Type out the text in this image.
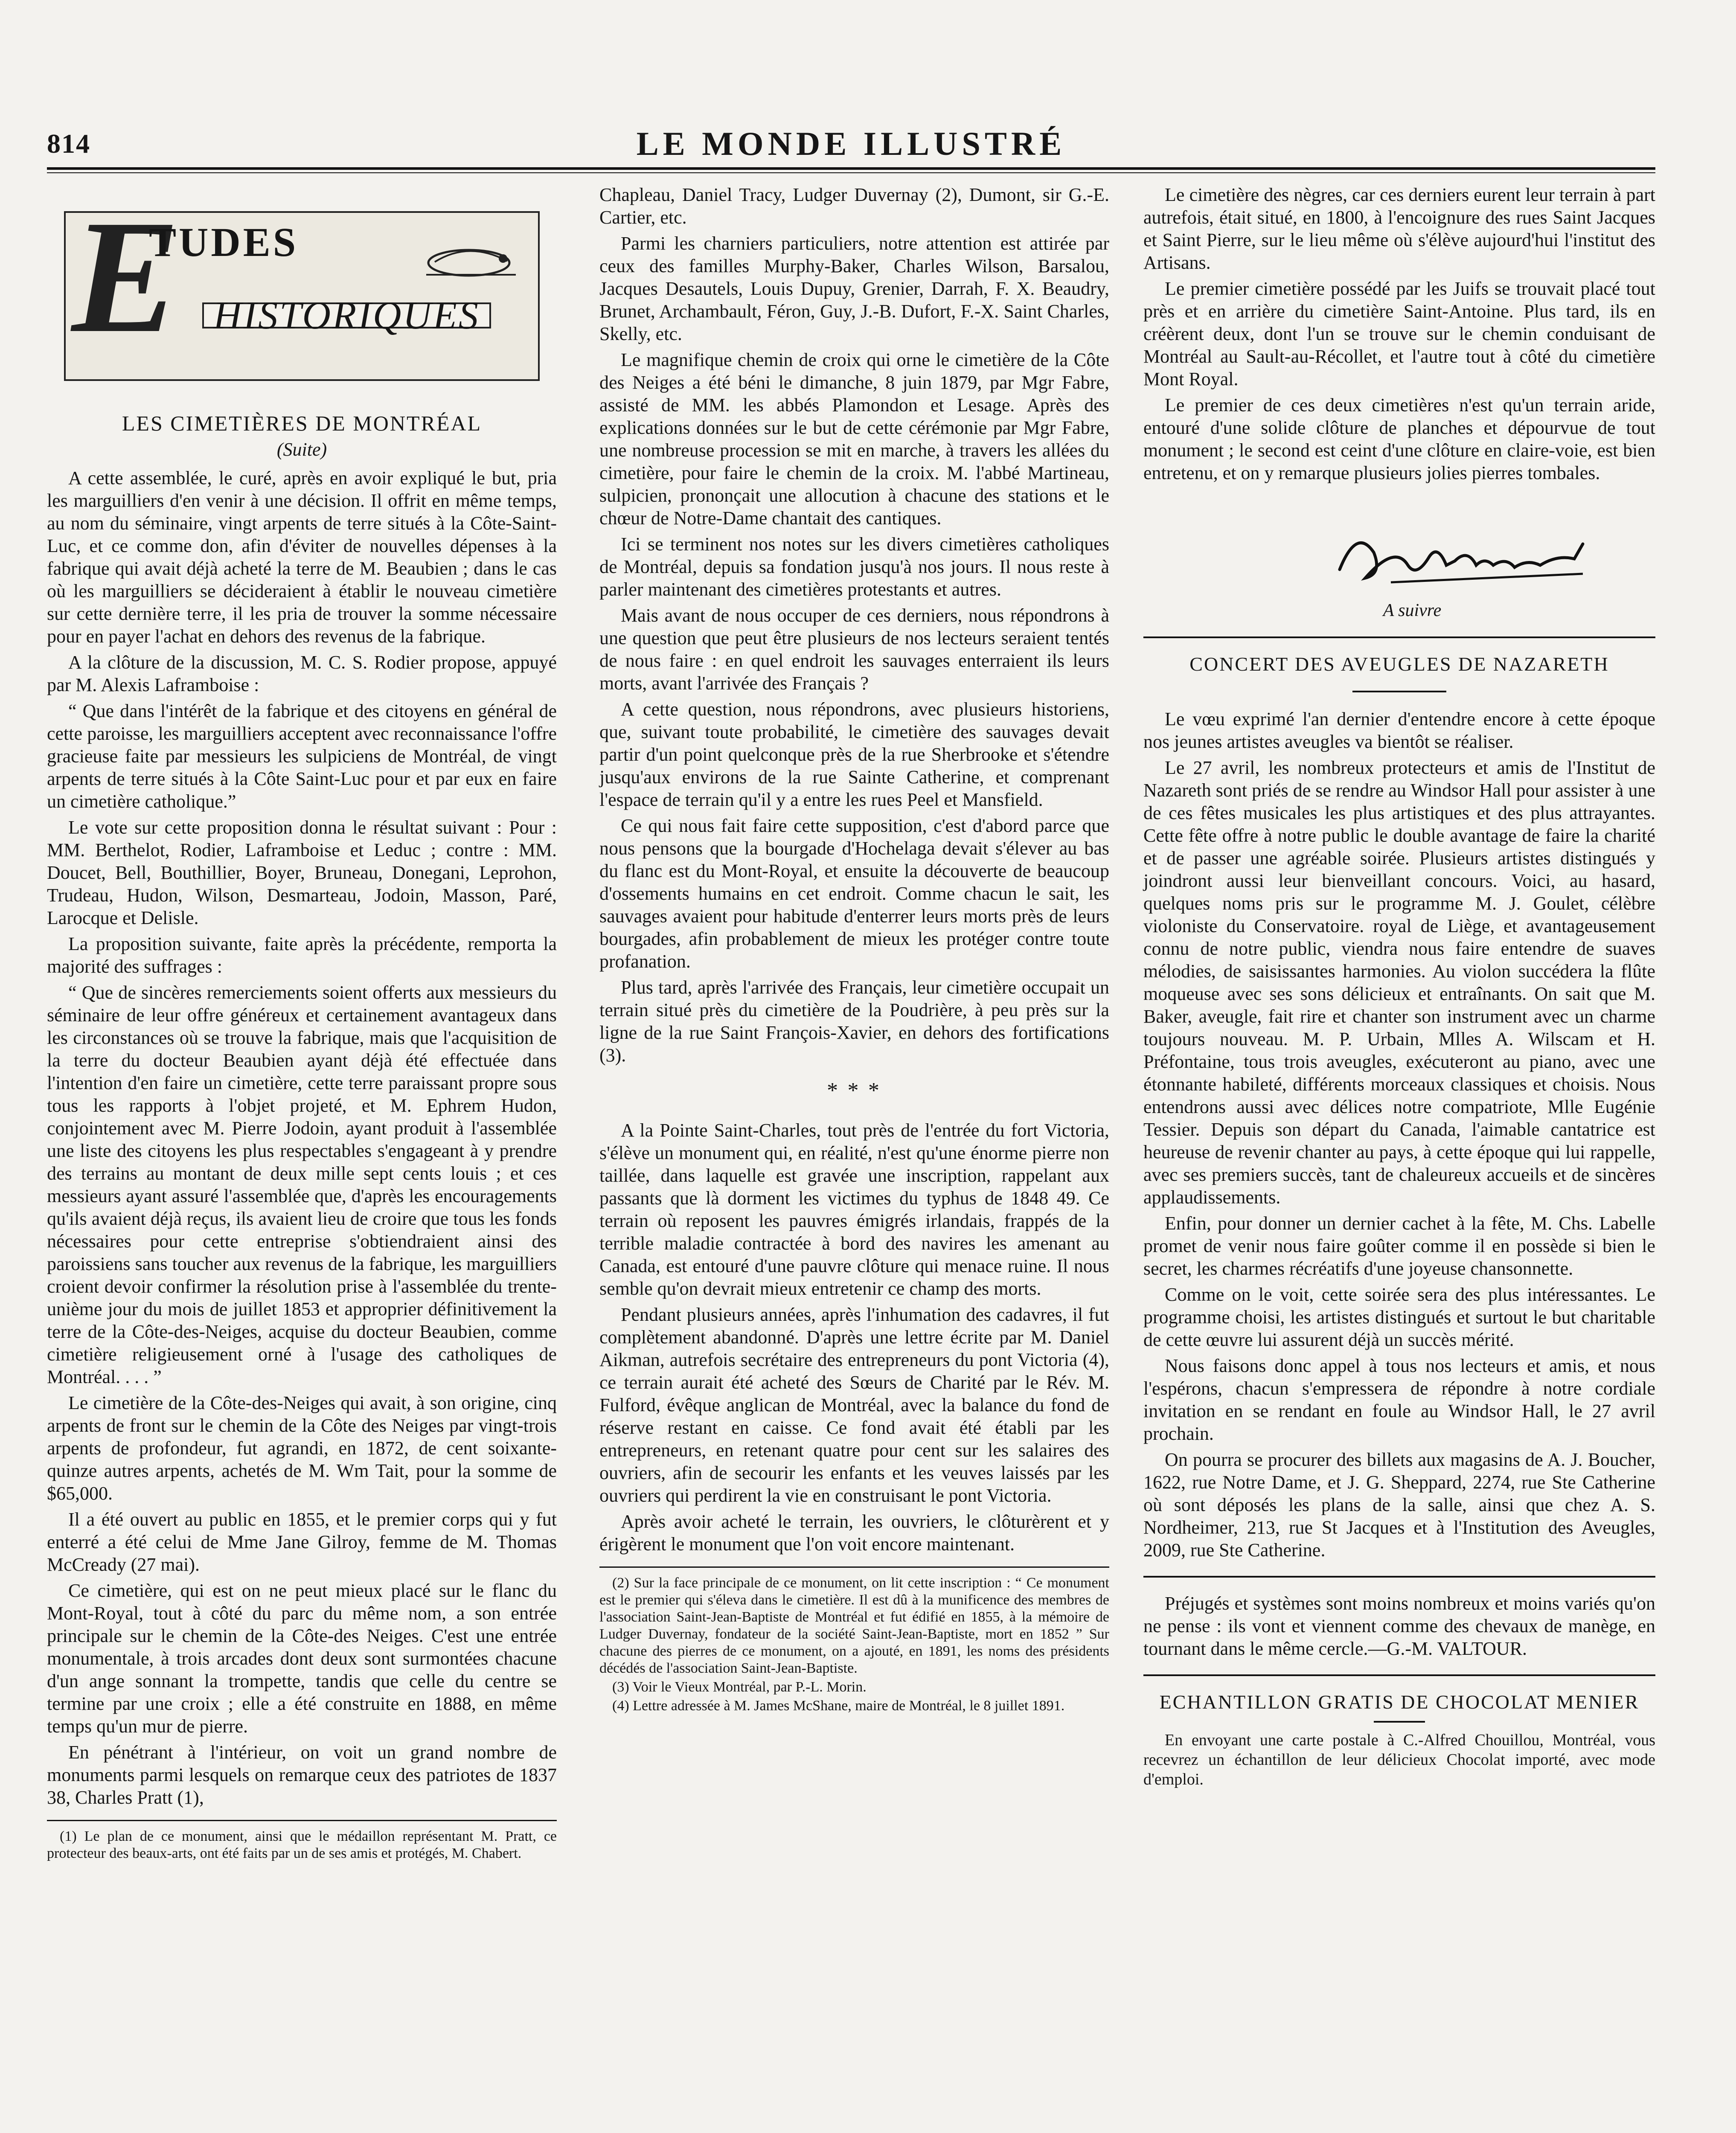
814	LE MONDE ILLUSTRÉ
E
TUDES
HISTORIQUES
LES CIMETIÈRES DE MONTRÉAL
(Suite)

A cette assemblée, le curé, après en avoir expliqué le but, pria les marguilliers d'en venir à une décision. Il offrit en même temps, au nom du séminaire, vingt arpents de terre situés à la Côte-Saint-Luc, et ce comme don, afin d'éviter de nouvelles dépenses à la fabrique qui avait déjà acheté la terre de M. Beaubien ; dans le cas où les marguilliers se décideraient à établir le nouveau cimetière sur cette dernière terre, il les pria de trouver la somme nécessaire pour en payer l'achat en dehors des revenus de la fabrique.

A la clôture de la discussion, M. C. S. Rodier propose, appuyé par M. Alexis Laframboise :

“ Que dans l'intérêt de la fabrique et des citoyens en général de cette paroisse, les marguilliers acceptent avec reconnaissance l'offre gracieuse faite par messieurs les sulpiciens de Montréal, de vingt arpents de terre situés à la Côte Saint-Luc pour et par eux en faire un cimetière catholique.”

Le vote sur cette proposition donna le résultat suivant : Pour : MM. Berthelot, Rodier, Laframboise et Leduc ; contre : MM. Doucet, Bell, Bouthillier, Boyer, Bruneau, Donegani, Leprohon, Trudeau, Hudon, Wilson, Desmarteau, Jodoin, Masson, Paré, Larocque et Delisle.

La proposition suivante, faite après la précédente, remporta la majorité des suffrages :

“ Que de sincères remerciements soient offerts aux messieurs du séminaire de leur offre généreux et certainement avantageux dans les circonstances où se trouve la fabrique, mais que l'acquisition de la terre du docteur Beaubien ayant déjà été effectuée dans l'intention d'en faire un cimetière, cette terre paraissant propre sous tous les rapports à l'objet projeté, et M. Ephrem Hudon, conjointement avec M. Pierre Jodoin, ayant produit à l'assemblée une liste des citoyens les plus respectables s'engageant à y prendre des terrains au montant de deux mille sept cents louis ; et ces messieurs ayant assuré l'assemblée que, d'après les encouragements qu'ils avaient déjà reçus, ils avaient lieu de croire que tous les fonds nécessaires pour cette entreprise s'obtiendraient ainsi des paroissiens sans toucher aux revenus de la fabrique, les marguilliers croient devoir confirmer la résolution prise à l'assemblée du trente-unième jour du mois de juillet 1853 et approprier définitivement la terre de la Côte-des-Neiges, acquise du docteur Beaubien, comme cimetière religieusement orné à l'usage des catholiques de Montréal. . . . ”

Le cimetière de la Côte-des-Neiges qui avait, à son origine, cinq arpents de front sur le chemin de la Côte des Neiges par vingt-trois arpents de profondeur, fut agrandi, en 1872, de cent soixante-quinze autres arpents, achetés de M. Wm Tait, pour la somme de $65,000.

Il a été ouvert au public en 1855, et le premier corps qui y fut enterré a été celui de Mme Jane Gilroy, femme de M. Thomas McCready (27 mai).

Ce cimetière, qui est on ne peut mieux placé sur le flanc du Mont-Royal, tout à côté du parc du même nom, a son entrée principale sur le chemin de la Côte-des Neiges. C'est une entrée monumentale, à trois arcades dont deux sont surmontées chacune d'un ange sonnant la trompette, tandis que celle du centre se termine par une croix ; elle a été construite en 1888, en même temps qu'un mur de pierre.

En pénétrant à l'intérieur, on voit un grand nombre de monuments parmi lesquels on remarque ceux des patriotes de 1837 38, Charles Pratt (1),

(1) Le plan de ce monument, ainsi que le médaillon représentant M. Pratt, ce protecteur des beaux-arts, ont été faits par un de ses amis et protégés, M. Chabert.

Chapleau, Daniel Tracy, Ludger Duvernay (2), Dumont, sir G.-E. Cartier, etc.

Parmi les charniers particuliers, notre attention est attirée par ceux des familles Murphy-Baker, Charles Wilson, Barsalou, Jacques Desautels, Louis Dupuy, Grenier, Darrah, F. X. Beaudry, Brunet, Archambault, Féron, Guy, J.-B. Dufort, F.-X. Saint Charles, Skelly, etc.

Le magnifique chemin de croix qui orne le cimetière de la Côte des Neiges a été béni le dimanche, 8 juin 1879, par Mgr Fabre, assisté de MM. les abbés Plamondon et Lesage. Après des explications données sur le but de cette cérémonie par Mgr Fabre, une nombreuse procession se mit en marche, à travers les allées du cimetière, pour faire le chemin de la croix. M. l'abbé Martineau, sulpicien, prononçait une allocution à chacune des stations et le chœur de Notre-Dame chantait des cantiques.

Ici se terminent nos notes sur les divers cimetières catholiques de Montréal, depuis sa fondation jusqu'à nos jours. Il nous reste à parler maintenant des cimetières protestants et autres.

Mais avant de nous occuper de ces derniers, nous répondrons à une question que peut être plusieurs de nos lecteurs seraient tentés de nous faire : en quel endroit les sauvages enterraient ils leurs morts, avant l'arrivée des Français ?

A cette question, nous répondrons, avec plusieurs historiens, que, suivant toute probabilité, le cimetière des sauvages devait partir d'un point quelconque près de la rue Sherbrooke et s'étendre jusqu'aux environs de la rue Sainte Catherine, et comprenant l'espace de terrain qu'il y a entre les rues Peel et Mansfield.

Ce qui nous fait faire cette supposition, c'est d'abord parce que nous pensons que la bourgade d'Hochelaga devait s'élever au bas du flanc est du Mont-Royal, et ensuite la découverte de beaucoup d'ossements humains en cet endroit. Comme chacun le sait, les sauvages avaient pour habitude d'enterrer leurs morts près de leurs bourgades, afin probablement de mieux les protéger contre toute profanation.

Plus tard, après l'arrivée des Français, leur cimetière occupait un terrain situé près du cimetière de la Poudrière, à peu près sur la ligne de la rue Saint François-Xavier, en dehors des fortifications (3).

* * *

A la Pointe Saint-Charles, tout près de l'entrée du fort Victoria, s'élève un monument qui, en réalité, n'est qu'une énorme pierre non taillée, dans laquelle est gravée une inscription, rappelant aux passants que là dorment les victimes du typhus de 1848 49. Ce terrain où reposent les pauvres émigrés irlandais, frappés de la terrible maladie contractée à bord des navires les amenant au Canada, est entouré d'une pauvre clôture qui menace ruine. Il nous semble qu'on devrait mieux entretenir ce champ des morts.

Pendant plusieurs années, après l'inhumation des cadavres, il fut complètement abandonné. D'après une lettre écrite par M. Daniel Aikman, autrefois secrétaire des entrepreneurs du pont Victoria (4), ce terrain aurait été acheté des Sœurs de Charité par le Rév. M. Fulford, évêque anglican de Montréal, avec la balance du fond de réserve restant en caisse. Ce fond avait été établi par les entrepreneurs, en retenant quatre pour cent sur les salaires des ouvriers, afin de secourir les enfants et les veuves laissés par les ouvriers qui perdirent la vie en construisant le pont Victoria.

Après avoir acheté le terrain, les ouvriers, le clôturèrent et y érigèrent le monument que l'on voit encore maintenant.

(2) Sur la face principale de ce monument, on lit cette inscription : “ Ce monument est le premier qui s'éleva dans le cimetière. Il est dû à la munificence des membres de l'association Saint-Jean-Baptiste de Montréal et fut édifié en 1855, à la mémoire de Ludger Duvernay, fondateur de la société Saint-Jean-Baptiste, mort en 1852 ” Sur chacune des pierres de ce monument, on a ajouté, en 1891, les noms des présidents décédés de l'association Saint-Jean-Baptiste.

(3) Voir le Vieux Montréal, par P.-L. Morin.

(4) Lettre adressée à M. James McShane, maire de Montréal, le 8 juillet 1891.

Le cimetière des nègres, car ces derniers eurent leur terrain à part autrefois, était situé, en 1800, à l'encoignure des rues Saint Jacques et Saint Pierre, sur le lieu même où s'élève aujourd'hui l'institut des Artisans.

Le premier cimetière possédé par les Juifs se trouvait placé tout près et en arrière du cimetière Saint-Antoine. Plus tard, ils en créèrent deux, dont l'un se trouve sur le chemin conduisant de Montréal au Sault-au-Récollet, et l'autre tout à côté du cimetière Mont Royal.

Le premier de ces deux cimetières n'est qu'un terrain aride, entouré d'une solide clôture de planches et dépourvue de tout monument ; le second est ceint d'une clôture en claire-voie, est bien entretenu, et on y remarque plusieurs jolies pierres tombales.

A suivre
CONCERT DES AVEUGLES DE NAZARETH

Le vœu exprimé l'an dernier d'entendre encore à cette époque nos jeunes artistes aveugles va bientôt se réaliser.

Le 27 avril, les nombreux protecteurs et amis de l'Institut de Nazareth sont priés de se rendre au Windsor Hall pour assister à une de ces fêtes musicales les plus artistiques et des plus attrayantes. Cette fête offre à notre public le double avantage de faire la charité et de passer une agréable soirée. Plusieurs artistes distingués y joindront aussi leur bienveillant concours. Voici, au hasard, quelques noms pris sur le programme M. J. Goulet, célèbre violoniste du Conservatoire. royal de Liège, et avantageusement connu de notre public, viendra nous faire entendre de suaves mélodies, de saisissantes harmonies. Au violon succédera la flûte moqueuse avec ses sons délicieux et entraînants. On sait que M. Baker, aveugle, fait rire et chanter son instrument avec un charme toujours nouveau. M. P. Urbain, Mlles A. Wilscam et H. Préfontaine, tous trois aveugles, exécuteront au piano, avec une étonnante habileté, différents morceaux classiques et choisis. Nous entendrons aussi avec délices notre compatriote, Mlle Eugénie Tessier. Depuis son départ du Canada, l'aimable cantatrice est heureuse de revenir chanter au pays, à cette époque qui lui rappelle, avec ses premiers succès, tant de chaleureux accueils et de sincères applaudissements.

Enfin, pour donner un dernier cachet à la fête, M. Chs. Labelle promet de venir nous faire goûter comme il en possède si bien le secret, les charmes récréatifs d'une joyeuse chansonnette.

Comme on le voit, cette soirée sera des plus intéressantes. Le programme choisi, les artistes distingués et surtout le but charitable de cette œuvre lui assurent déjà un succès mérité.

Nous faisons donc appel à tous nos lecteurs et amis, et nous l'espérons, chacun s'empressera de répondre à notre cordiale invitation en se rendant en foule au Windsor Hall, le 27 avril prochain.

On pourra se procurer des billets aux magasins de A. J. Boucher, 1622, rue Notre Dame, et J. G. Sheppard, 2274, rue Ste Catherine où sont déposés les plans de la salle, ainsi que chez A. S. Nordheimer, 213, rue St Jacques et à l'Institution des Aveugles, 2009, rue Ste Catherine.

Préjugés et systèmes sont moins nombreux et moins variés qu'on ne pense : ils vont et viennent comme des chevaux de manège, en tournant dans le même cercle.—G.-M. VALTOUR.

ECHANTILLON GRATIS DE CHOCOLAT MENIER

En envoyant une carte postale à C.-Alfred Chouillou, Montréal, vous recevrez un échantillon de leur délicieux Chocolat importé, avec mode d'emploi.
